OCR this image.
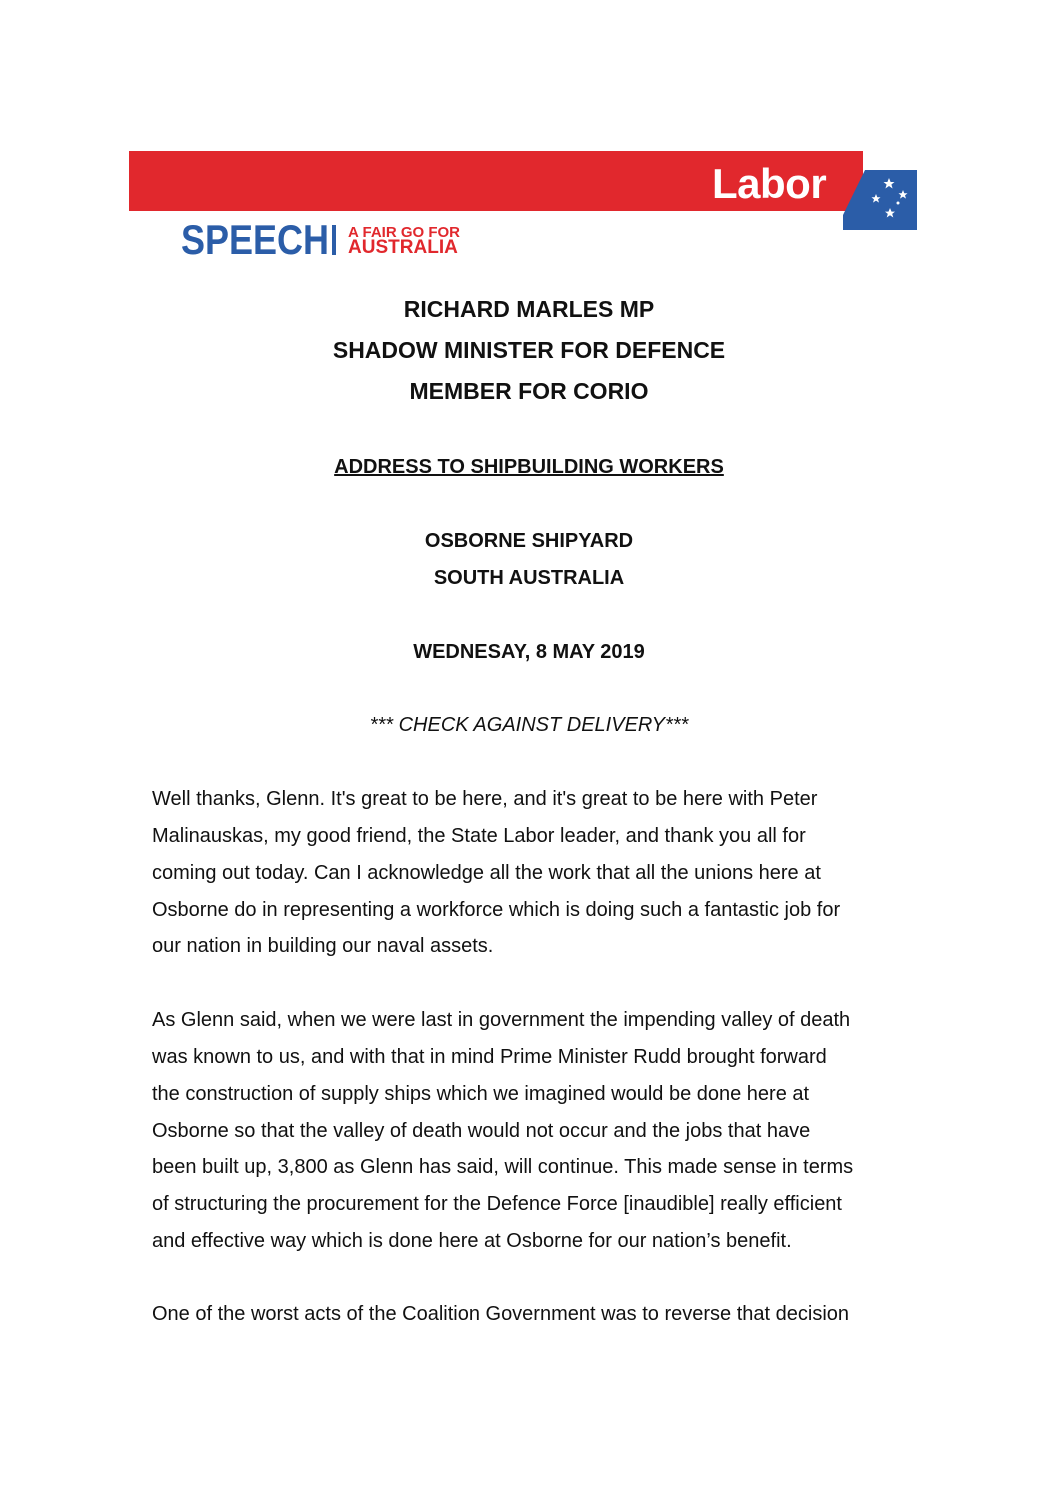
Labor
SPEECH A FAIR GO FOR
AUSTRALIA
RICHARD MARLES MP
SHADOW MINISTER FOR DEFENCE
MEMBER FOR CORIO
ADDRESS TO SHIPBUILDING WORKERS
OSBORNE SHIPYARD
SOUTH AUSTRALIA
WEDNESAY, 8 MAY 2019
*** CHECK AGAINST DELIVERY***
Well thanks, Glenn. It's great to be here, and it's great to be here with Peter
Malinauskas, my good friend, the State Labor leader, and thank you all for
coming out today. Can I acknowledge all the work that all the unions here at
Osborne do in representing a workforce which is doing such a fantastic job for
our nation in building our naval assets.
As Glenn said, when we were last in government the impending valley of death
was known to us, and with that in mind Prime Minister Rudd brought forward
the construction of supply ships which we imagined would be done here at
Osborne so that the valley of death would not occur and the jobs that have
been built up, 3,800 as Glenn has said, will continue. This made sense in terms
of structuring the procurement for the Defence Force [inaudible] really efficient
and effective way which is done here at Osborne for our nation’s benefit.
One of the worst acts of the Coalition Government was to reverse that decision
